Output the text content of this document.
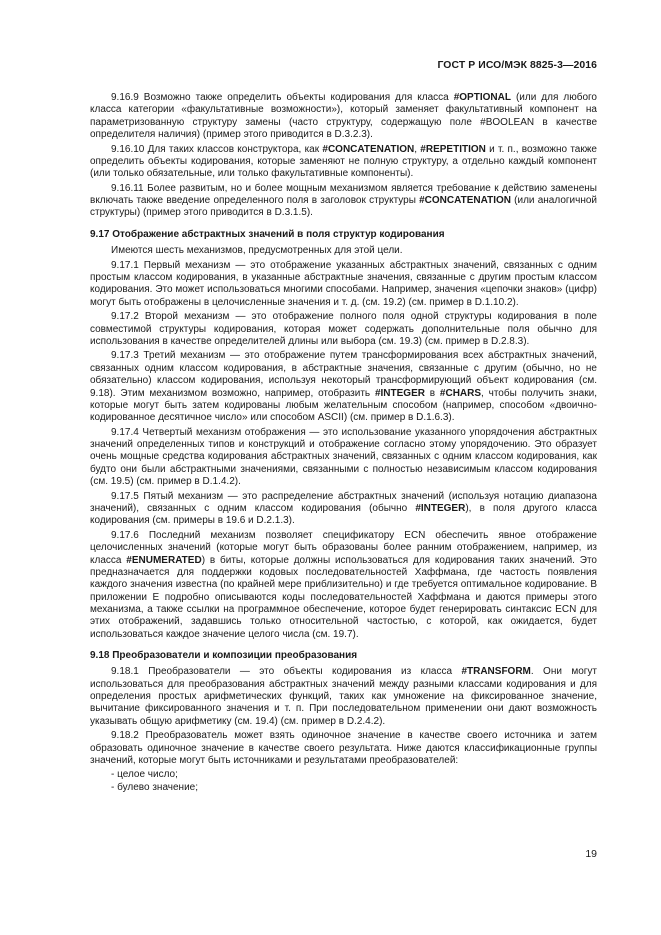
ГОСТ Р ИСО/МЭК 8825-3—2016

9.16.9 Возможно также определить объекты кодирования для класса #OPTIONAL (или для любого класса категории «факультативные возможности»), который заменяет факультативный компонент на параметризованную структуру замены (часто структуру, содержащую поле #BOOLEAN в качестве определителя наличия) (пример этого приводится в D.3.2.3).

9.16.10 Для таких классов конструктора, как #CONCATENATION, #REPETITION и т. п., возможно также определить объекты кодирования, которые заменяют не полную структуру, а отдельно каждый компонент (или только обязательные, или только факультативные компоненты).

9.16.11 Более развитым, но и более мощным механизмом является требование к действию заменены включать также введение определенного поля в заголовок структуры #CONCATENATION (или аналогичной структуры) (пример этого приводится в D.3.1.5).

9.17 Отображение абстрактных значений в поля структур кодирования

Имеются шесть механизмов, предусмотренных для этой цели.

9.17.1 Первый механизм — это отображение указанных абстрактных значений, связанных с одним простым классом кодирования, в указанные абстрактные значения, связанные с другим простым классом кодирования. Это может использоваться многими способами. Например, значения «цепочки знаков» (цифр) могут быть отображены в целочисленные значения и т. д. (см. 19.2) (см. пример в D.1.10.2).

9.17.2 Второй механизм — это отображение полного поля одной структуры кодирования в поле совместимой структуры кодирования, которая может содержать дополнительные поля обычно для использования в качестве определителей длины или выбора (см. 19.3) (см. пример в D.2.8.3).

9.17.3 Третий механизм — это отображение путем трансформирования всех абстрактных значений, связанных одним классом кодирования, в абстрактные значения, связанные с другим (обычно, но не обязательно) классом кодирования, используя некоторый трансформирующий объект кодирования (см. 9.18). Этим механизмом возможно, например, отобразить #INTEGER в #CHARS, чтобы получить знаки, которые могут быть затем кодированы любым желательным способом (например, способом «двоично-кодированное десятичное число» или способом ASCII) (см. пример в D.1.6.3).

9.17.4 Четвертый механизм отображения — это использование указанного упорядочения абстрактных значений определенных типов и конструкций и отображение согласно этому упорядочению. Это образует очень мощные средства кодирования абстрактных значений, связанных с одним классом кодирования, как будто они были абстрактными значениями, связанными с полностью независимым классом кодирования (см. 19.5) (см. пример в D.1.4.2).

9.17.5 Пятый механизм — это распределение абстрактных значений (используя нотацию диапазона значений), связанных с одним классом кодирования (обычно #INTEGER), в поля другого класса кодирования (см. примеры в 19.6 и D.2.1.3).

9.17.6 Последний механизм позволяет спецификатору ECN обеспечить явное отображение целочисленных значений (которые могут быть образованы более ранним отображением, например, из класса #ENUMERATED) в биты, которые должны использоваться для кодирования таких значений. Это предназначается для поддержки кодовых последовательностей Хаффмана, где частость появления каждого значения известна (по крайней мере приблизительно) и где требуется оптимальное кодирование. В приложении Е подробно описываются коды последовательностей Хаффмана и даются примеры этого механизма, а также ссылки на программное обеспечение, которое будет генерировать синтаксис ECN для этих отображений, задавшись только относительной частостью, с которой, как ожидается, будет использоваться каждое значение целого числа (см. 19.7).

9.18 Преобразователи и композиции преобразования

9.18.1 Преобразователи — это объекты кодирования из класса #TRANSFORM. Они могут использоваться для преобразования абстрактных значений между разными классами кодирования и для определения простых арифметических функций, таких как умножение на фиксированное значение, вычитание фиксированного значения и т. п. При последовательном применении они дают возможность указывать общую арифметику (см. 19.4) (см. пример в D.2.4.2).

9.18.2 Преобразователь может взять одиночное значение в качестве своего источника и затем образовать одиночное значение в качестве своего результата. Ниже даются классификационные группы значений, которые могут быть источниками и результатами преобразователей:

- целое число;
- булево значение;
19
